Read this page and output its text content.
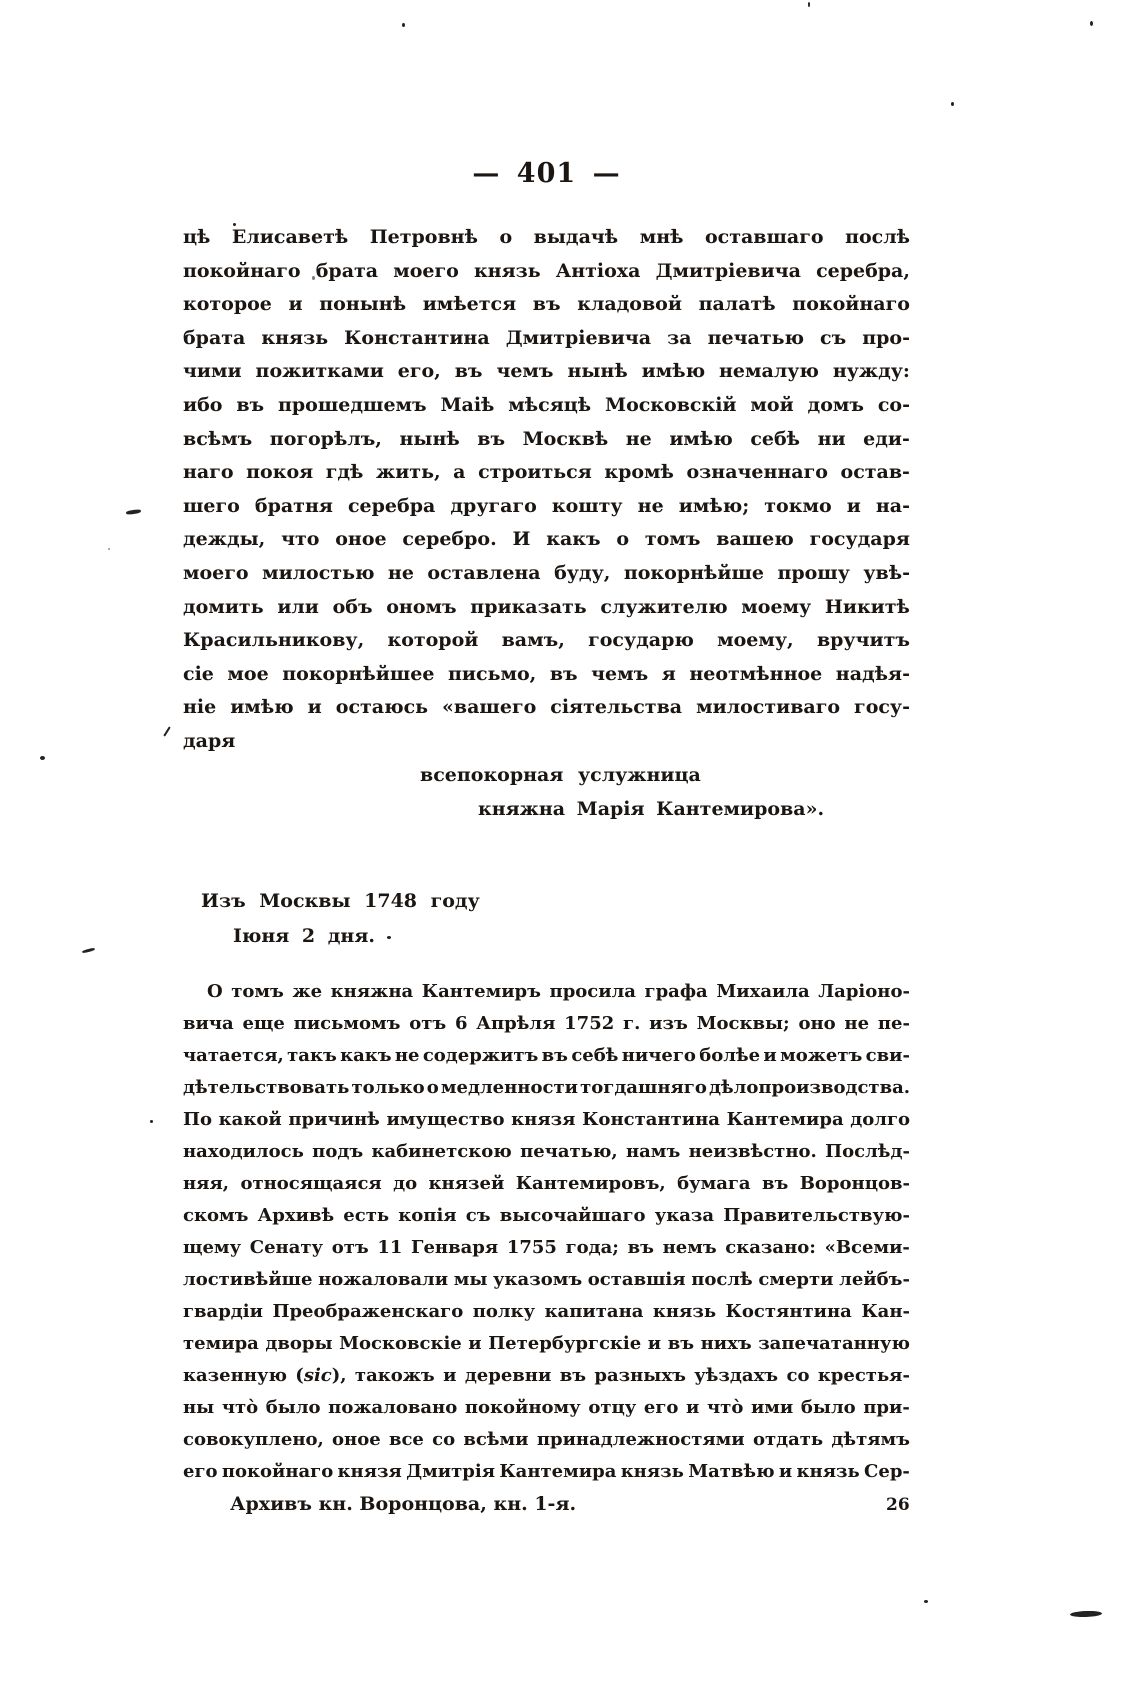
— 401 —
цѣ Елисаветѣ Петровнѣ о выдачѣ мнѣ оставшаго послѣ
покойнаго брата моего князь Антіоха Дмитріевича серебра,
которое и понынѣ имѣется въ кладовой палатѣ покойнаго
брата князь Константина Дмитріевича за печатью съ про-
чими пожитками его, въ чемъ нынѣ имѣю немалую нужду:
ибо въ прошедшемъ Маіѣ мѣсяцѣ Московскій мой домъ со-
всѣмъ погорѣлъ, нынѣ въ Москвѣ не имѣю себѣ ни еди-
наго покоя гдѣ жить, а строиться кромѣ означеннаго остав-
шего братня серебра другаго кошту не имѣю; токмо и на-
дежды, что оное серебро. И какъ о томъ вашею государя
моего милостью не оставлена буду, покорнѣйше прошу увѣ-
домить или объ ономъ приказать служителю моему Никитѣ
Красильникову, которой вамъ, государю моему, вручитъ
сіе мое покорнѣйшее письмо, въ чемъ я неотмѣнное надѣя-
ніе имѣю и остаюсь «вашего сіятельства милостиваго госу-
даря
всепокорная услужница
княжна Марія Кантемирова».
Изъ Москвы 1748 году
Іюня 2 дня.
О томъ же княжна Кантемиръ просила графа Михаила Ларіоно-
вича еще письмомъ отъ 6 Апрѣля 1752 г. изъ Москвы; оно не пе-
чатается, такъ какъ не содержитъ въ себѣ ничего болѣе и можетъ сви-
дѣтельствовать только о медленности тогдашняго дѣлопроизводства.
По какой причинѣ имущество князя Константина Кантемира долго
находилось подъ кабинетскою печатью, намъ неизвѣстно. Послѣд-
няя, относящаяся до князей Кантемировъ, бумага въ Воронцов-
скомъ Архивѣ есть копія съ высочайшаго указа Правительствую-
щему Сенату отъ 11 Генваря 1755 года; въ немъ сказано: «Всеми-
лостивѣйше ножаловали мы указомъ оставшія послѣ смерти лейбъ-
гвардіи Преображенскаго полку капитана князь Костянтина Кан-
темира дворы Московскіе и Петербургскіе и въ нихъ запечатанную
казенную (sic), такожъ и деревни въ разныхъ уѣздахъ со крестья-
ны что̀ было пожаловано покойному отцу его и что̀ ими было при-
совокуплено, оное все со всѣми принадлежностями отдать дѣтямъ
его покойнаго князя Дмитрія Кантемира князь Матвѣю и князь Сер-
Архивъ кн. Воронцова, кн. 1-я.	26
